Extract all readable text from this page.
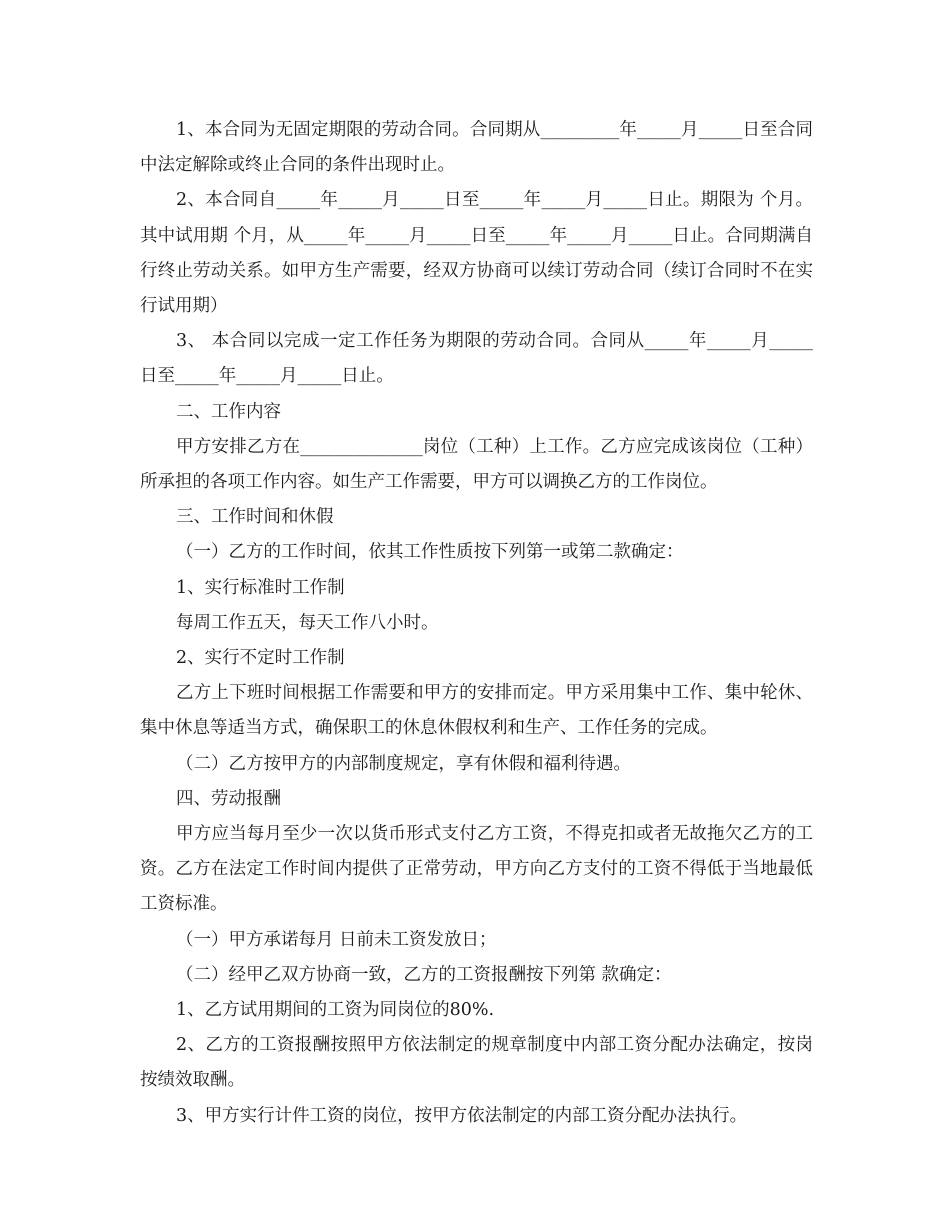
1、本合同为无固定期限的劳动合同。合同期从_________年_____月_____日至合同中法定解除或终止合同的条件出现时止。

2、本合同自_____年_____月_____日至_____年_____月_____日止。期限为 个月。其中试用期 个月，从_____年_____月_____日至_____年_____月_____日止。合同期满自行终止劳动关系。如甲方生产需要，经双方协商可以续订劳动合同（续订合同时不在实行试用期）

3、 本合同以完成一定工作任务为期限的劳动合同。合同从_____年_____月_____日至_____年_____月_____日止。

二、工作内容

甲方安排乙方在______________岗位（工种）上工作。乙方应完成该岗位（工种）所承担的各项工作内容。如生产工作需要，甲方可以调换乙方的工作岗位。

三、工作时间和休假

（一）乙方的工作时间，依其工作性质按下列第一或第二款确定：

1、实行标准时工作制

每周工作五天，每天工作八小时。

2、实行不定时工作制

乙方上下班时间根据工作需要和甲方的安排而定。甲方采用集中工作、集中轮休、集中休息等适当方式，确保职工的休息休假权利和生产、工作任务的完成。

（二）乙方按甲方的内部制度规定，享有休假和福利待遇。

四、劳动报酬

甲方应当每月至少一次以货币形式支付乙方工资，不得克扣或者无故拖欠乙方的工资。乙方在法定工作时间内提供了正常劳动，甲方向乙方支付的工资不得低于当地最低工资标准。

（一）甲方承诺每月 日前未工资发放日；

（二）经甲乙双方协商一致，乙方的工资报酬按下列第 款确定：

1、乙方试用期间的工资为同岗位的80%.

2、乙方的工资报酬按照甲方依法制定的规章制度中内部工资分配办法确定，按岗按绩效取酬。

3、甲方实行计件工资的岗位，按甲方依法制定的内部工资分配办法执行。
